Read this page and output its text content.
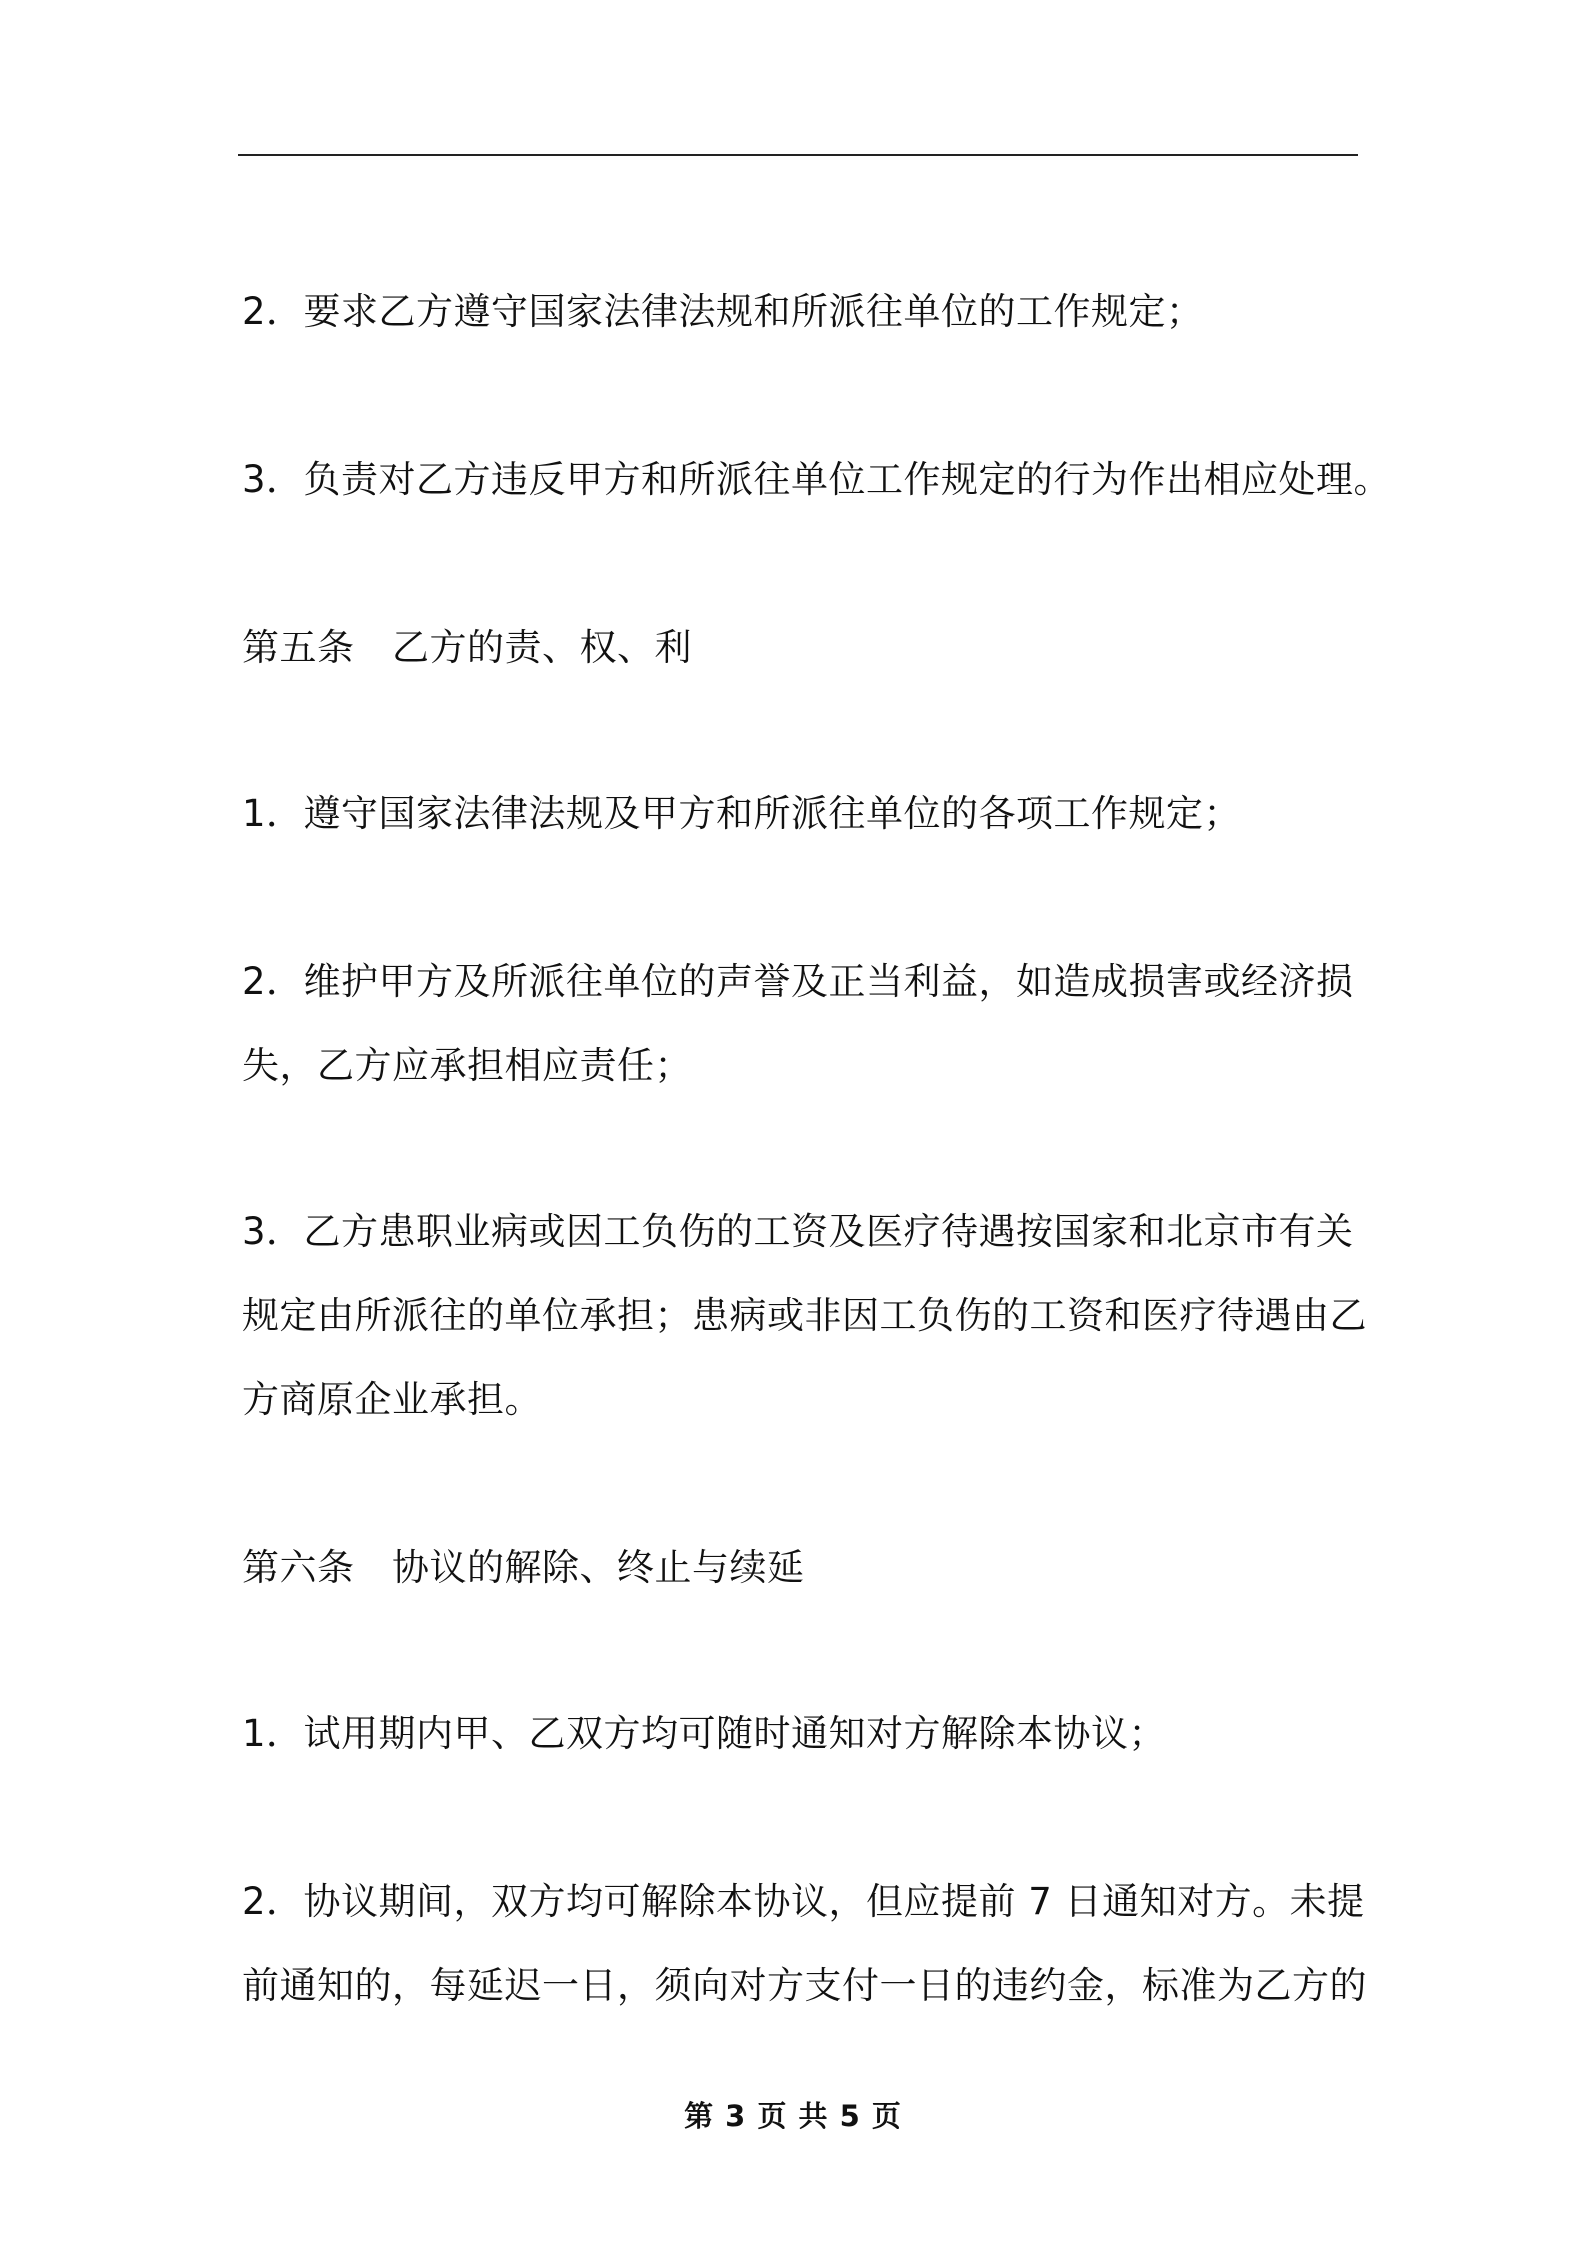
2．要求乙方遵守国家法律法规和所派往单位的工作规定；
3．负责对乙方违反甲方和所派往单位工作规定的行为作出相应处理。
第五条　乙方的责、权、利
1．遵守国家法律法规及甲方和所派往单位的各项工作规定；
2．维护甲方及所派往单位的声誉及正当利益，如造成损害或经济损
失，乙方应承担相应责任；
3．乙方患职业病或因工负伤的工资及医疗待遇按国家和北京市有关
规定由所派往的单位承担；患病或非因工负伤的工资和医疗待遇由乙
方商原企业承担。
第六条　协议的解除、终止与续延
1．试用期内甲、乙双方均可随时通知对方解除本协议；
2．协议期间，双方均可解除本协议，但应提前 7 日通知对方。未提
前通知的，每延迟一日，须向对方支付一日的违约金，标准为乙方的
第 3 页 共 5 页
